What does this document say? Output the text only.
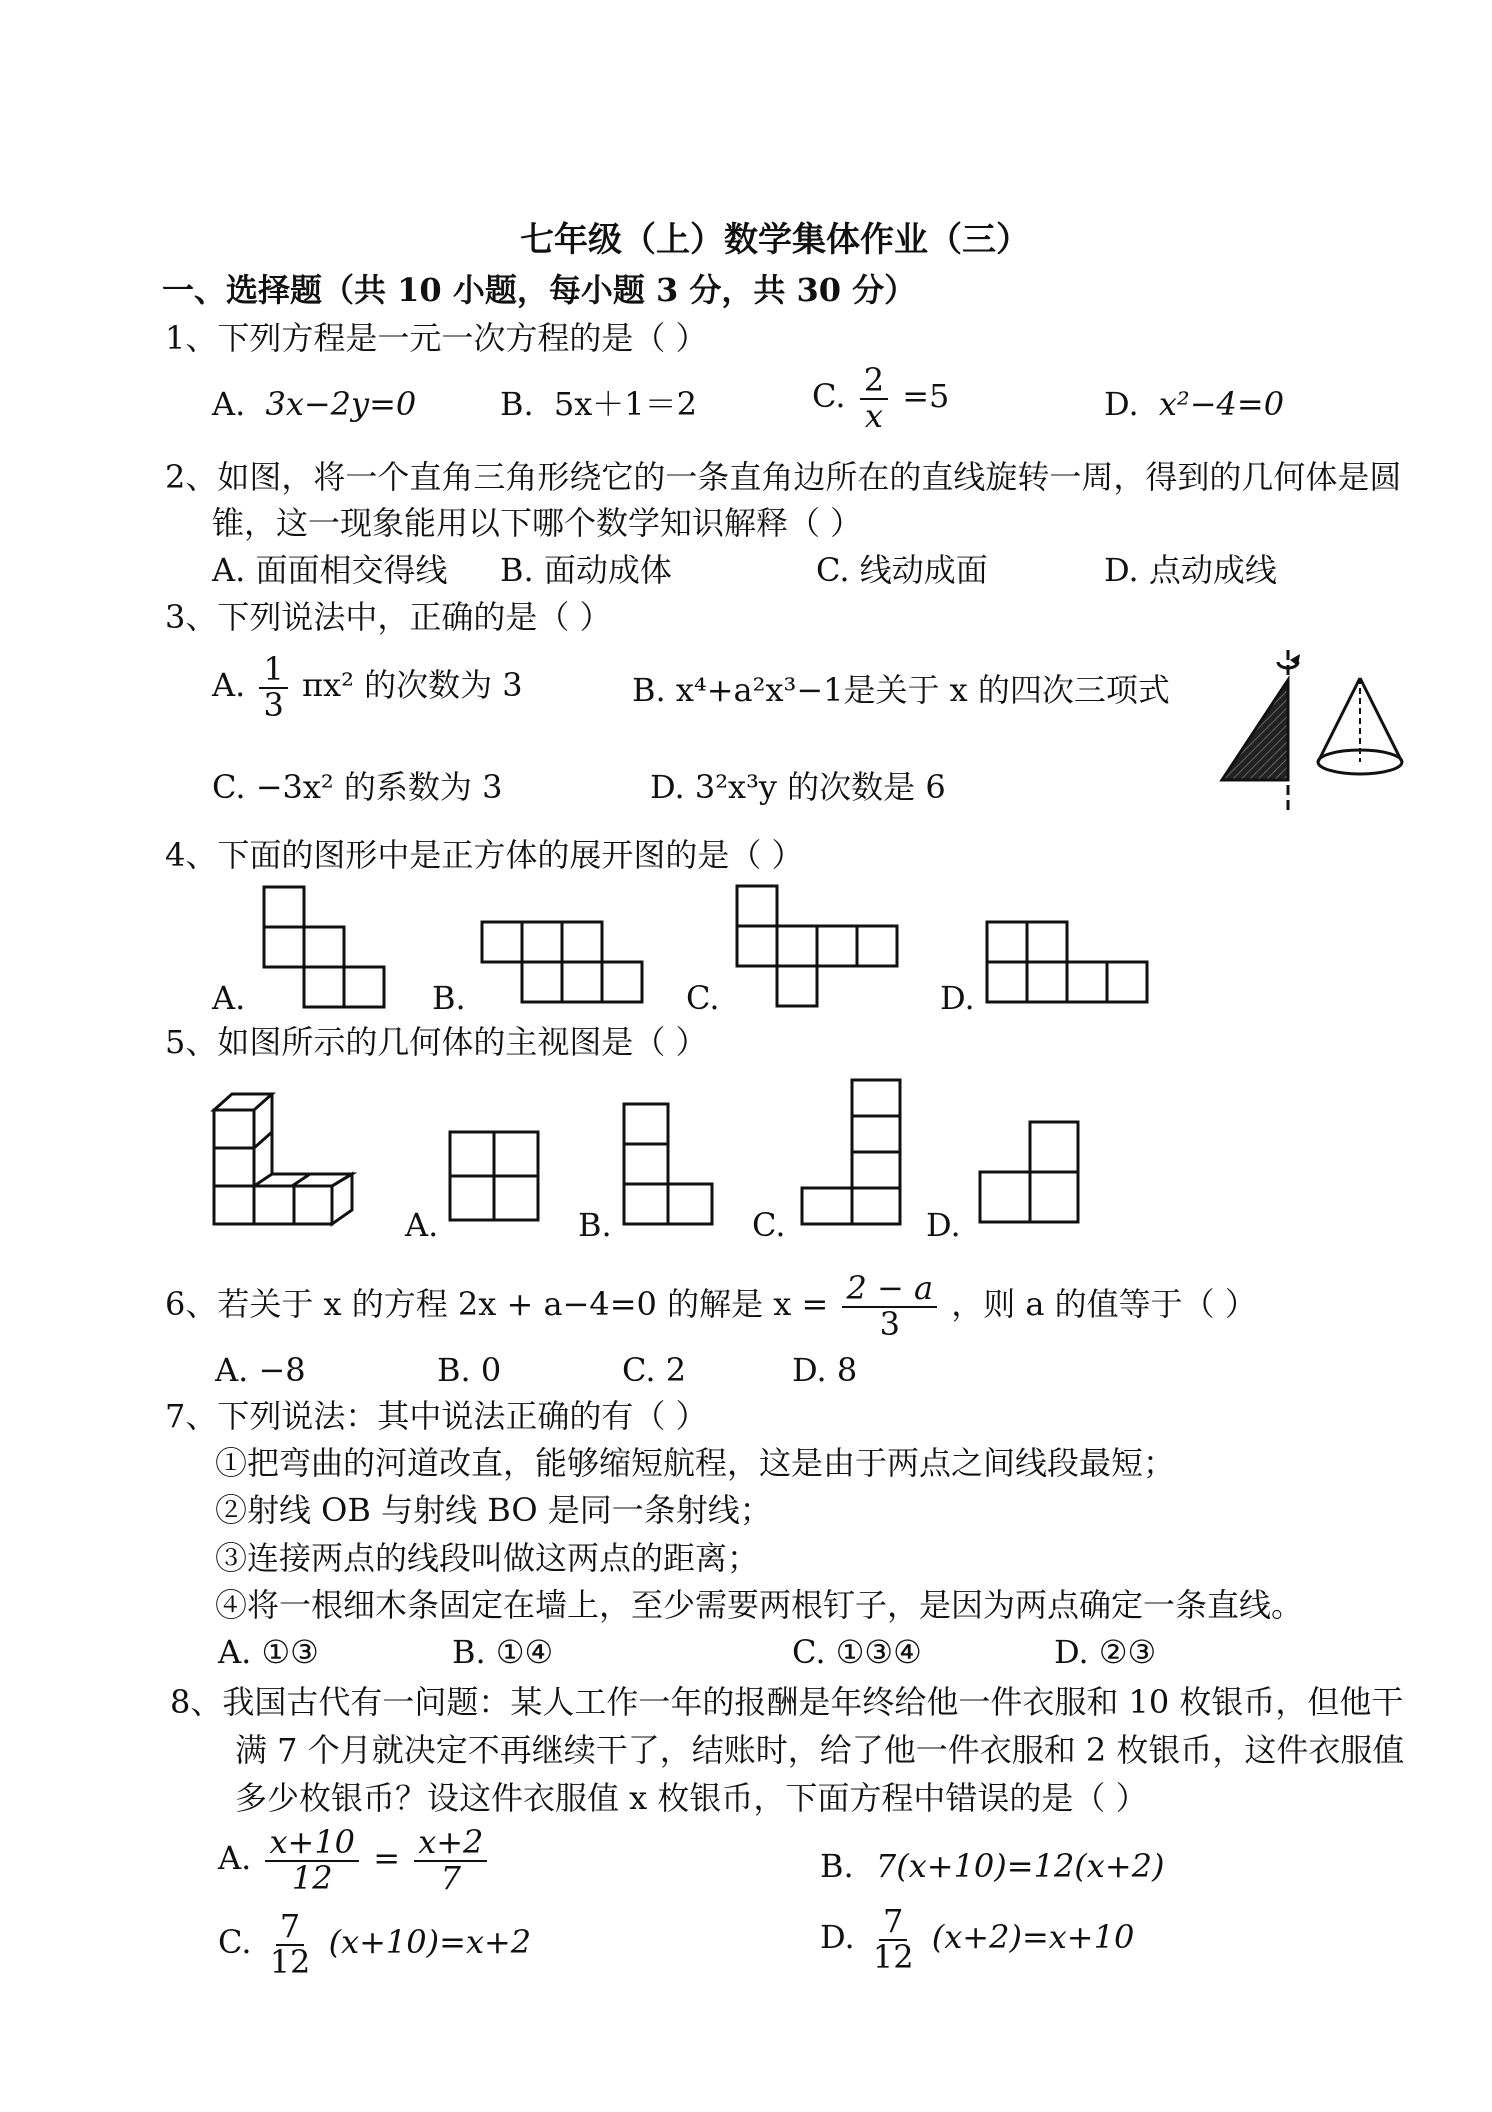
七年级（上）数学集体作业（三）
一、选择题（共 10 小题，每小题 3 分，共 30 分）
1、下列方程是一元一次方程的是（ ）
A. 3x−2y=0	B. 5x＋1＝2	C. $\frac{2}{x} =5$	D. x²−4=0
2、如图，将一个直角三角形绕它的一条直角边所在的直线旋转一周，得到的几何体是圆
锥，这一现象能用以下哪个数学知识解释（ ）
A. 面面相交得线 B. 面动成体	C. 线动成面	D. 点动成线
3、下列说法中，正确的是（ ）
A. $\frac{1}{3} \pi x^2$ 的次数为 3	B. x⁴+a²x³−1是关于 x 的四次三项式
C. −3x² 的系数为 3	D. 3²x³y 的次数是 6
4、下面的图形中是正方体的展开图的是（ ）
A.	B.	C.	D.
5、如图所示的几何体的主视图是（ ）
A.	B.	C.	D.
6、若关于 x 的方程 2x + a−4=0 的解是 $x = \frac{2 - a}{3}$ ，则 a 的值等于（ ）
A. −8	B. 0	C. 2	D. 8
7、下列说法：其中说法正确的有（ ）
①把弯曲的河道改直，能够缩短航程，这是由于两点之间线段最短；
②射线 OB 与射线 BO 是同一条射线；
③连接两点的线段叫做这两点的距离；
④将一根细木条固定在墙上，至少需要两根钉子，是因为两点确定一条直线。
A. ①③	B. ①④	C. ①③④	D. ②③
8、我国古代有一问题：某人工作一年的报酬是年终给他一件衣服和 10 枚银币，但他干
满 7 个月就决定不再继续干了，结账时，给了他一件衣服和 2 枚银币，这件衣服值
多少枚银币？设这件衣服值 x 枚银币，下面方程中错误的是（ ）
A. $\frac{x+10}{12} = \frac{x+2}{7}$	B. 7(x+10)=12(x+2)
C. $\frac{7}{12} (x+10)=x+2$	D. $\frac{7}{12} (x+2)=x+10$
